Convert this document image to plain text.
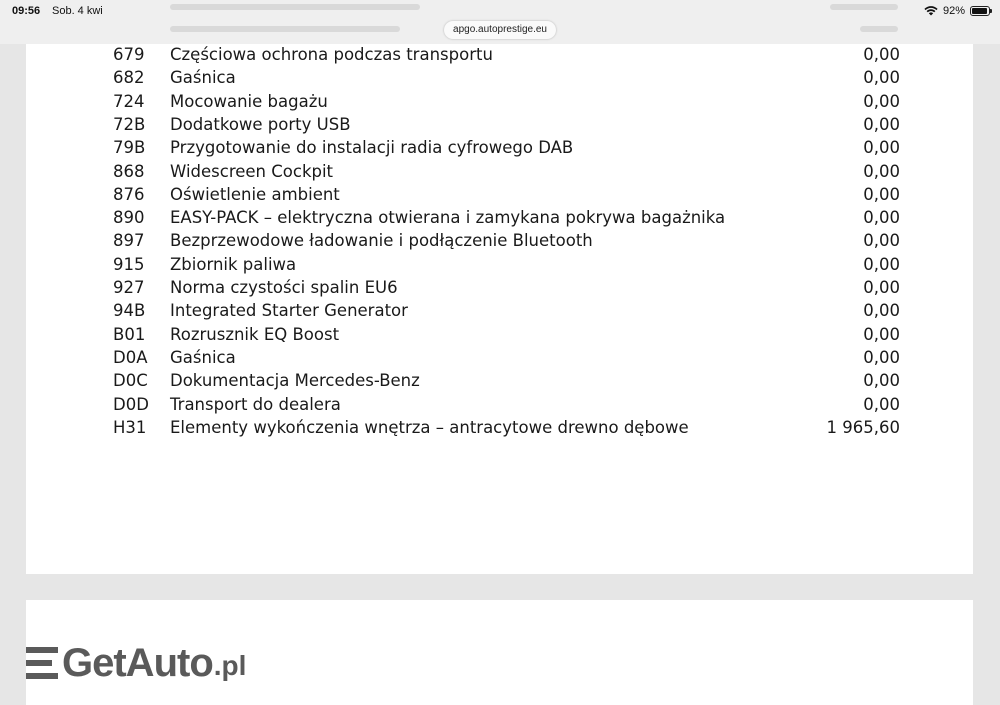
09:56 Sob. 4 kwi	92%
apgo.autoprestige.eu
679 Częściowa ochrona podczas transportu	0,00
682 Gaśnica	0,00
724 Mocowanie bagażu	0,00
72B Dodatkowe porty USB	0,00
79B Przygotowanie do instalacji radia cyfrowego DAB	0,00
868 Widescreen Cockpit	0,00
876 Oświetlenie ambient	0,00
890 EASY-PACK – elektryczna otwierana i zamykana pokrywa bagażnika	0,00
897 Bezprzewodowe ładowanie i podłączenie Bluetooth	0,00
915 Zbiornik paliwa	0,00
927 Norma czystości spalin EU6	0,00
94B Integrated Starter Generator	0,00
B01 Rozrusznik EQ Boost	0,00
D0A Gaśnica	0,00
D0C Dokumentacja Mercedes-Benz	0,00
D0D Transport do dealera	0,00
H31 Elementy wykończenia wnętrza – antracytowe drewno dębowe	1 965,60
GetAuto .pl
